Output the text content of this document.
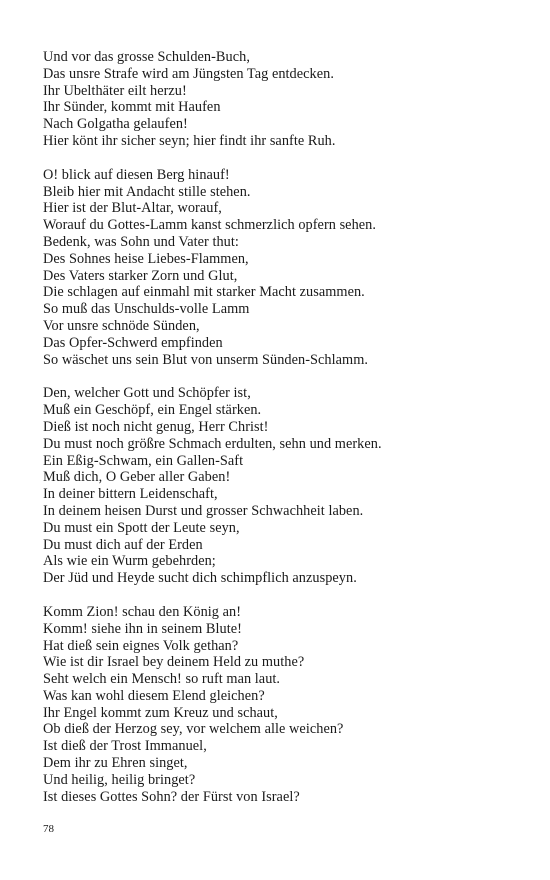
Und vor das grosse Schulden-Buch,
Das unsre Strafe wird am Jüngsten Tag entdecken.
Ihr Ubelthäter eilt herzu!
Ihr Sünder, kommt mit Haufen
Nach Golgatha gelaufen!
Hier könt ihr sicher seyn; hier findt ihr sanfte Ruh.
O! blick auf diesen Berg hinauf!
Bleib hier mit Andacht stille stehen.
Hier ist der Blut-Altar, worauf,
Worauf du Gottes-Lamm kanst schmerzlich opfern sehen.
Bedenk, was Sohn und Vater thut:
Des Sohnes heise Liebes-Flammen,
Des Vaters starker Zorn und Glut,
Die schlagen auf einmahl mit starker Macht zusammen.
So muß das Unschulds-volle Lamm
Vor unsre schnöde Sünden,
Das Opfer-Schwerd empfinden
So wäschet uns sein Blut von unserm Sünden-Schlamm.
Den, welcher Gott und Schöpfer ist,
Muß ein Geschöpf, ein Engel stärken.
Dieß ist noch nicht genug, Herr Christ!
Du must noch größre Schmach erdulten, sehn und merken.
Ein Eßig-Schwam, ein Gallen-Saft
Muß dich, O Geber aller Gaben!
In deiner bittern Leidenschaft,
In deinem heisen Durst und grosser Schwachheit laben.
Du must ein Spott der Leute seyn,
Du must dich auf der Erden
Als wie ein Wurm gebehrden;
Der Jüd und Heyde sucht dich schimpflich anzuspeyn.
Komm Zion! schau den König an!
Komm! siehe ihn in seinem Blute!
Hat dieß sein eignes Volk gethan?
Wie ist dir Israel bey deinem Held zu muthe?
Seht welch ein Mensch! so ruft man laut.
Was kan wohl diesem Elend gleichen?
Ihr Engel kommt zum Kreuz und schaut,
Ob dieß der Herzog sey, vor welchem alle weichen?
Ist dieß der Trost Immanuel,
Dem ihr zu Ehren singet,
Und heilig, heilig bringet?
Ist dieses Gottes Sohn? der Fürst von Israel?
78
